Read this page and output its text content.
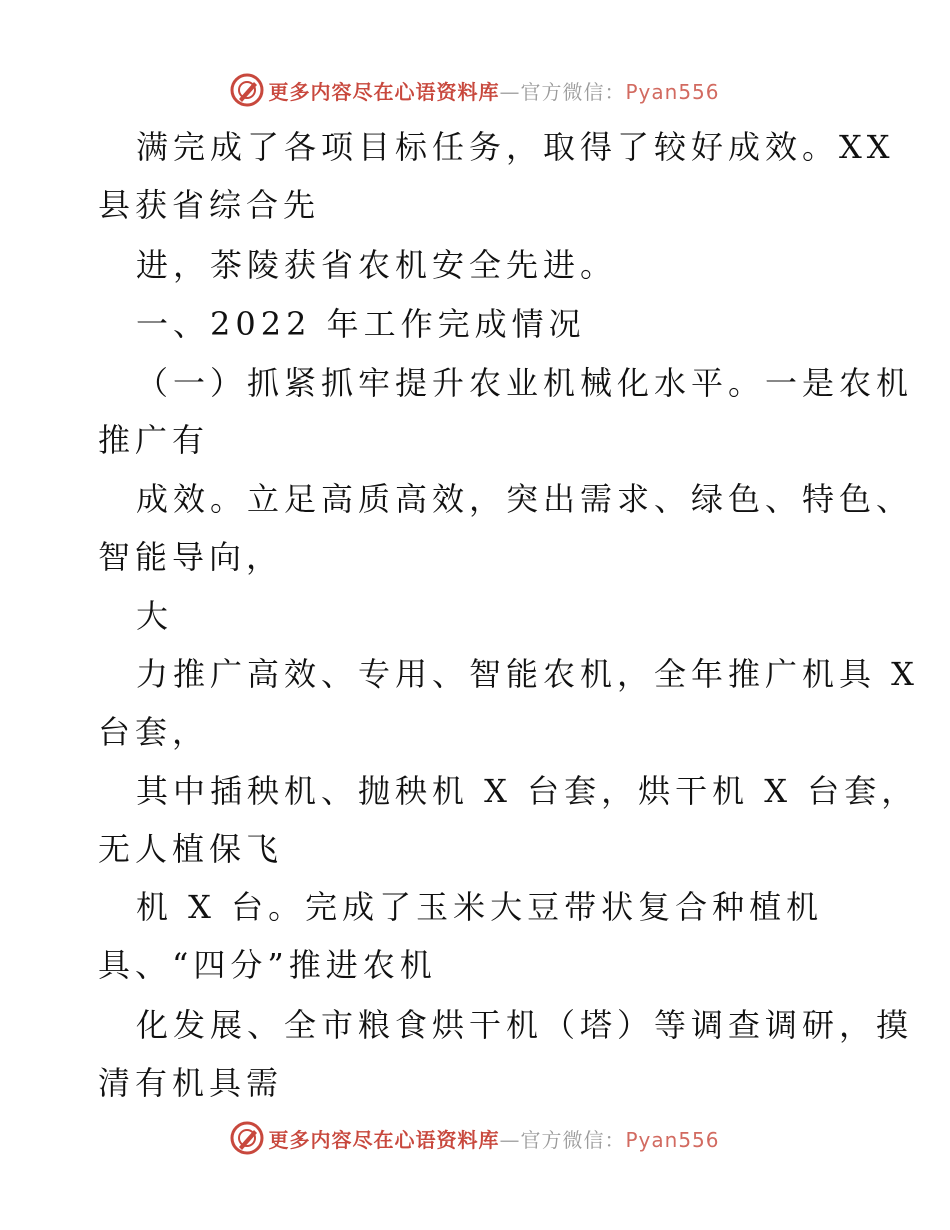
更多内容尽在心语资料库—官方微信：Pyan556
满完成了各项目标任务，取得了较好成效。XX
县获省综合先
进，茶陵获省农机安全先进。
一、2022 年工作完成情况
（一）抓紧抓牢提升农业机械化水平。一是农机
推广有
成效。立足高质高效，突出需求、绿色、特色、
智能导向，
大
力推广高效、专用、智能农机，全年推广机具 X
台套，
其中插秧机、抛秧机 X 台套，烘干机 X 台套，
无人植保飞
机 X 台。完成了玉米大豆带状复合种植机
具、“四分”推进农机
化发展、全市粮食烘干机（塔）等调查调研，摸
清有机具需
更多内容尽在心语资料库—官方微信：Pyan556
